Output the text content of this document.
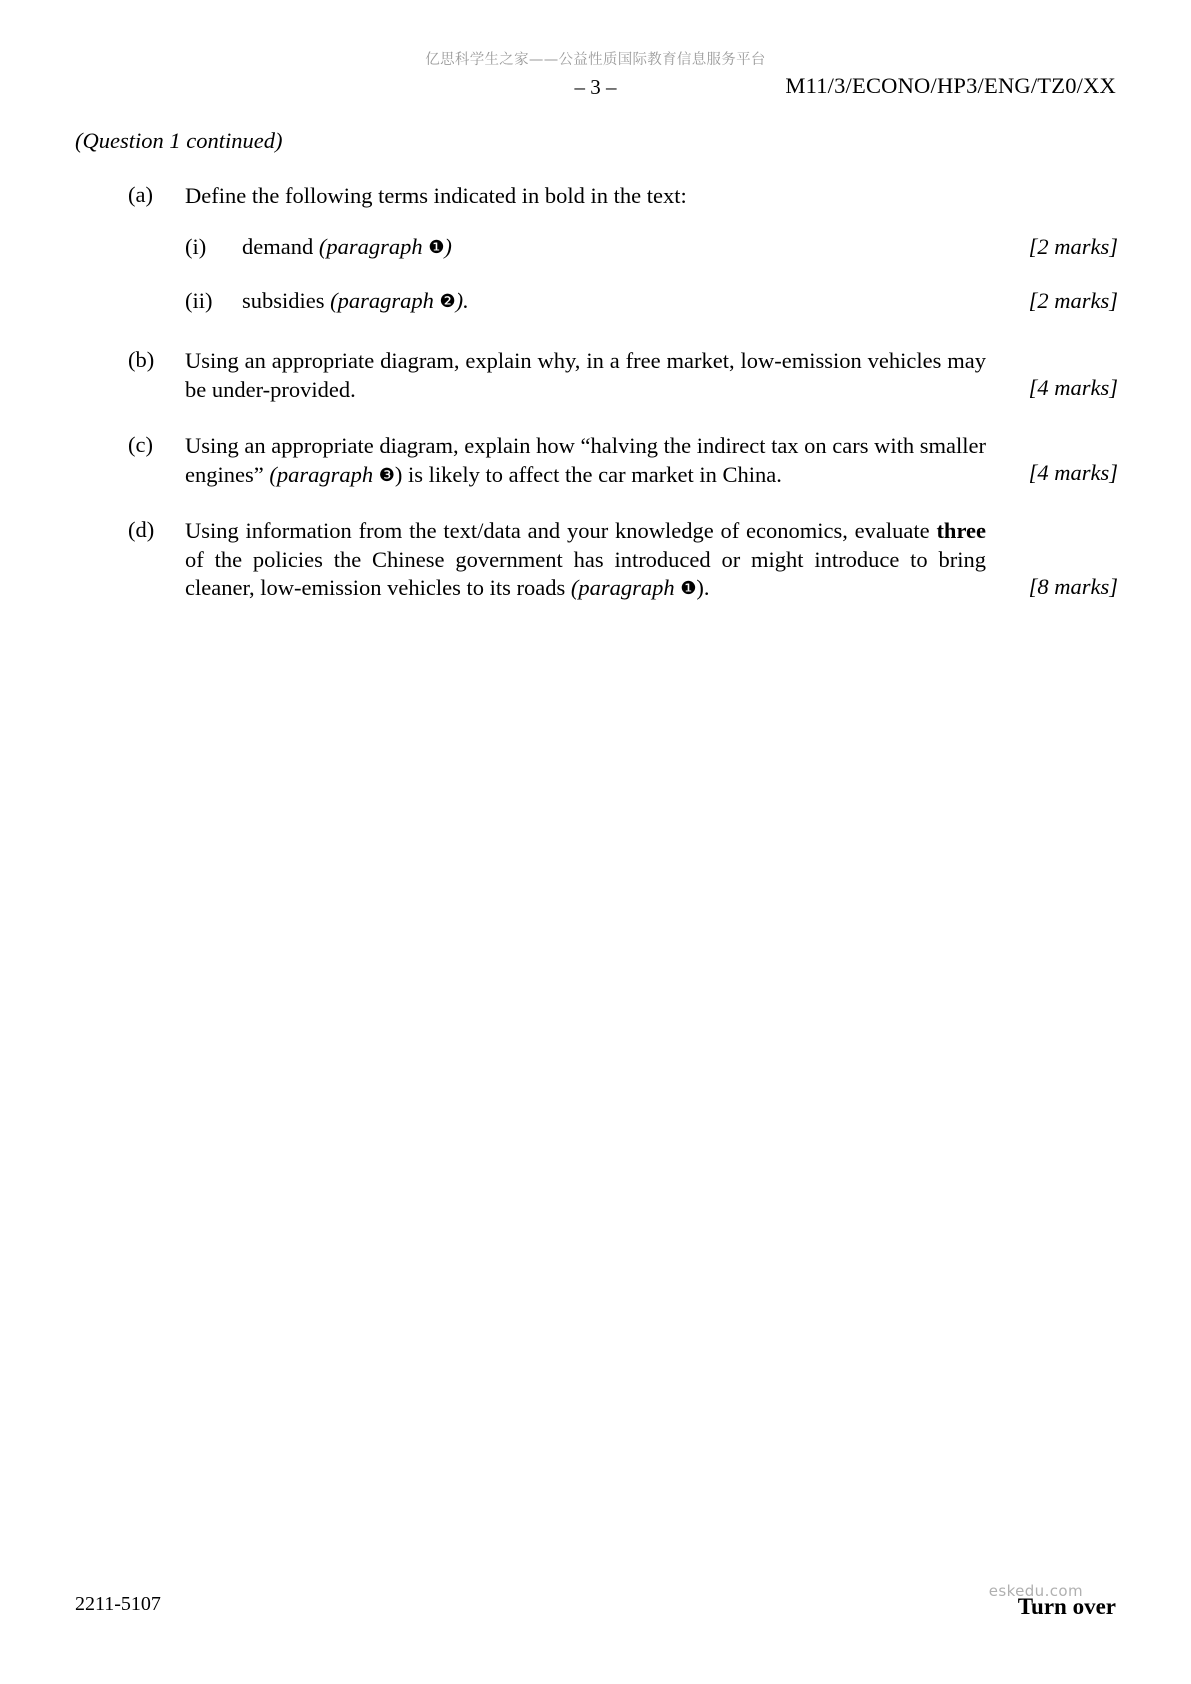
亿思科学生之家——公益性质国际教育信息服务平台
– 3 –	M11/3/ECONO/HP3/ENG/TZ0/XX
(Question 1 continued)
(a)	Define the following terms indicated in bold in the text:
(i)	demand (paragraph ❶)	[2 marks]
(ii)	subsidies (paragraph ❷).	[2 marks]
(b)	Using an appropriate diagram, explain why, in a free market, low-emission vehicles may be under-provided.	[4 marks]
(c)	Using an appropriate diagram, explain how “halving the indirect tax on cars with smaller engines” (paragraph ❸) is likely to affect the car market in China.	[4 marks]
(d)	Using information from the text/data and your knowledge of economics, evaluate three of the policies the Chinese government has introduced or might introduce to bring cleaner, low-emission vehicles to its roads (paragraph ❶).	[8 marks]
2211-5107
eskedu.com
Turn over
